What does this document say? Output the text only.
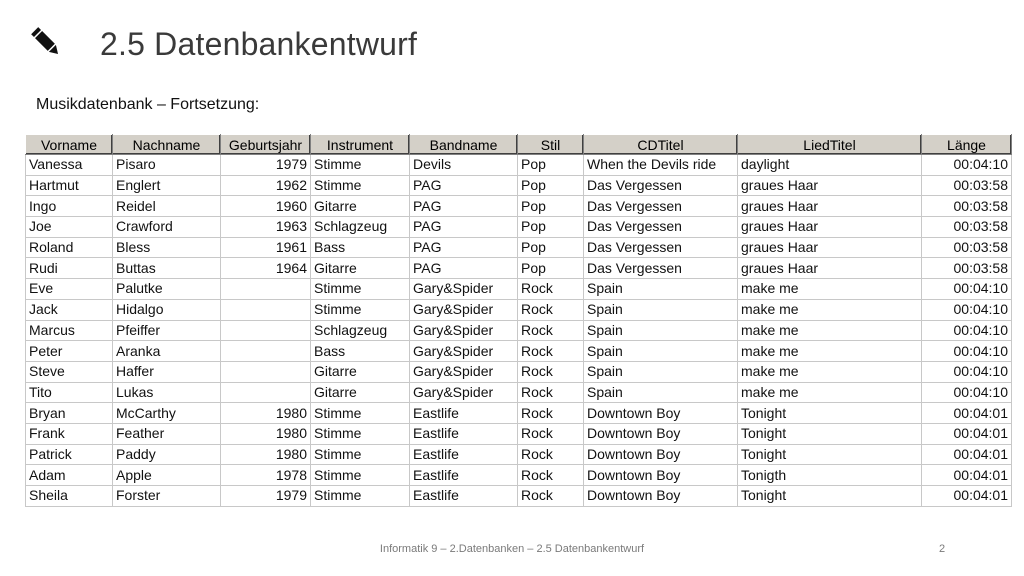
2.5 Datenbankentwurf
Musikdatenbank – Fortsetzung:
Vorname	Nachname	Geburtsjahr	Instrument	Bandname	Stil	CDTitel	LiedTitel	Länge
Vanessa	Pisaro	1979	Stimme	Devils	Pop	When the Devils ride	daylight	00:04:10
Hartmut	Englert	1962	Stimme	PAG	Pop	Das Vergessen	graues Haar	00:03:58
Ingo	Reidel	1960	Gitarre	PAG	Pop	Das Vergessen	graues Haar	00:03:58
Joe	Crawford	1963	Schlagzeug	PAG	Pop	Das Vergessen	graues Haar	00:03:58
Roland	Bless	1961	Bass	PAG	Pop	Das Vergessen	graues Haar	00:03:58
Rudi	Buttas	1964	Gitarre	PAG	Pop	Das Vergessen	graues Haar	00:03:58
Eve	Palutke		Stimme	Gary&Spider	Rock	Spain	make me	00:04:10
Jack	Hidalgo		Stimme	Gary&Spider	Rock	Spain	make me	00:04:10
Marcus	Pfeiffer		Schlagzeug	Gary&Spider	Rock	Spain	make me	00:04:10
Peter	Aranka		Bass	Gary&Spider	Rock	Spain	make me	00:04:10
Steve	Haffer		Gitarre	Gary&Spider	Rock	Spain	make me	00:04:10
Tito	Lukas		Gitarre	Gary&Spider	Rock	Spain	make me	00:04:10
Bryan	McCarthy	1980	Stimme	Eastlife	Rock	Downtown Boy	Tonight	00:04:01
Frank	Feather	1980	Stimme	Eastlife	Rock	Downtown Boy	Tonight	00:04:01
Patrick	Paddy	1980	Stimme	Eastlife	Rock	Downtown Boy	Tonight	00:04:01
Adam	Apple	1978	Stimme	Eastlife	Rock	Downtown Boy	Tonigth	00:04:01
Sheila	Forster	1979	Stimme	Eastlife	Rock	Downtown Boy	Tonight	00:04:01
Informatik 9 – 2.Datenbanken – 2.5 Datenbankentwurf	2
